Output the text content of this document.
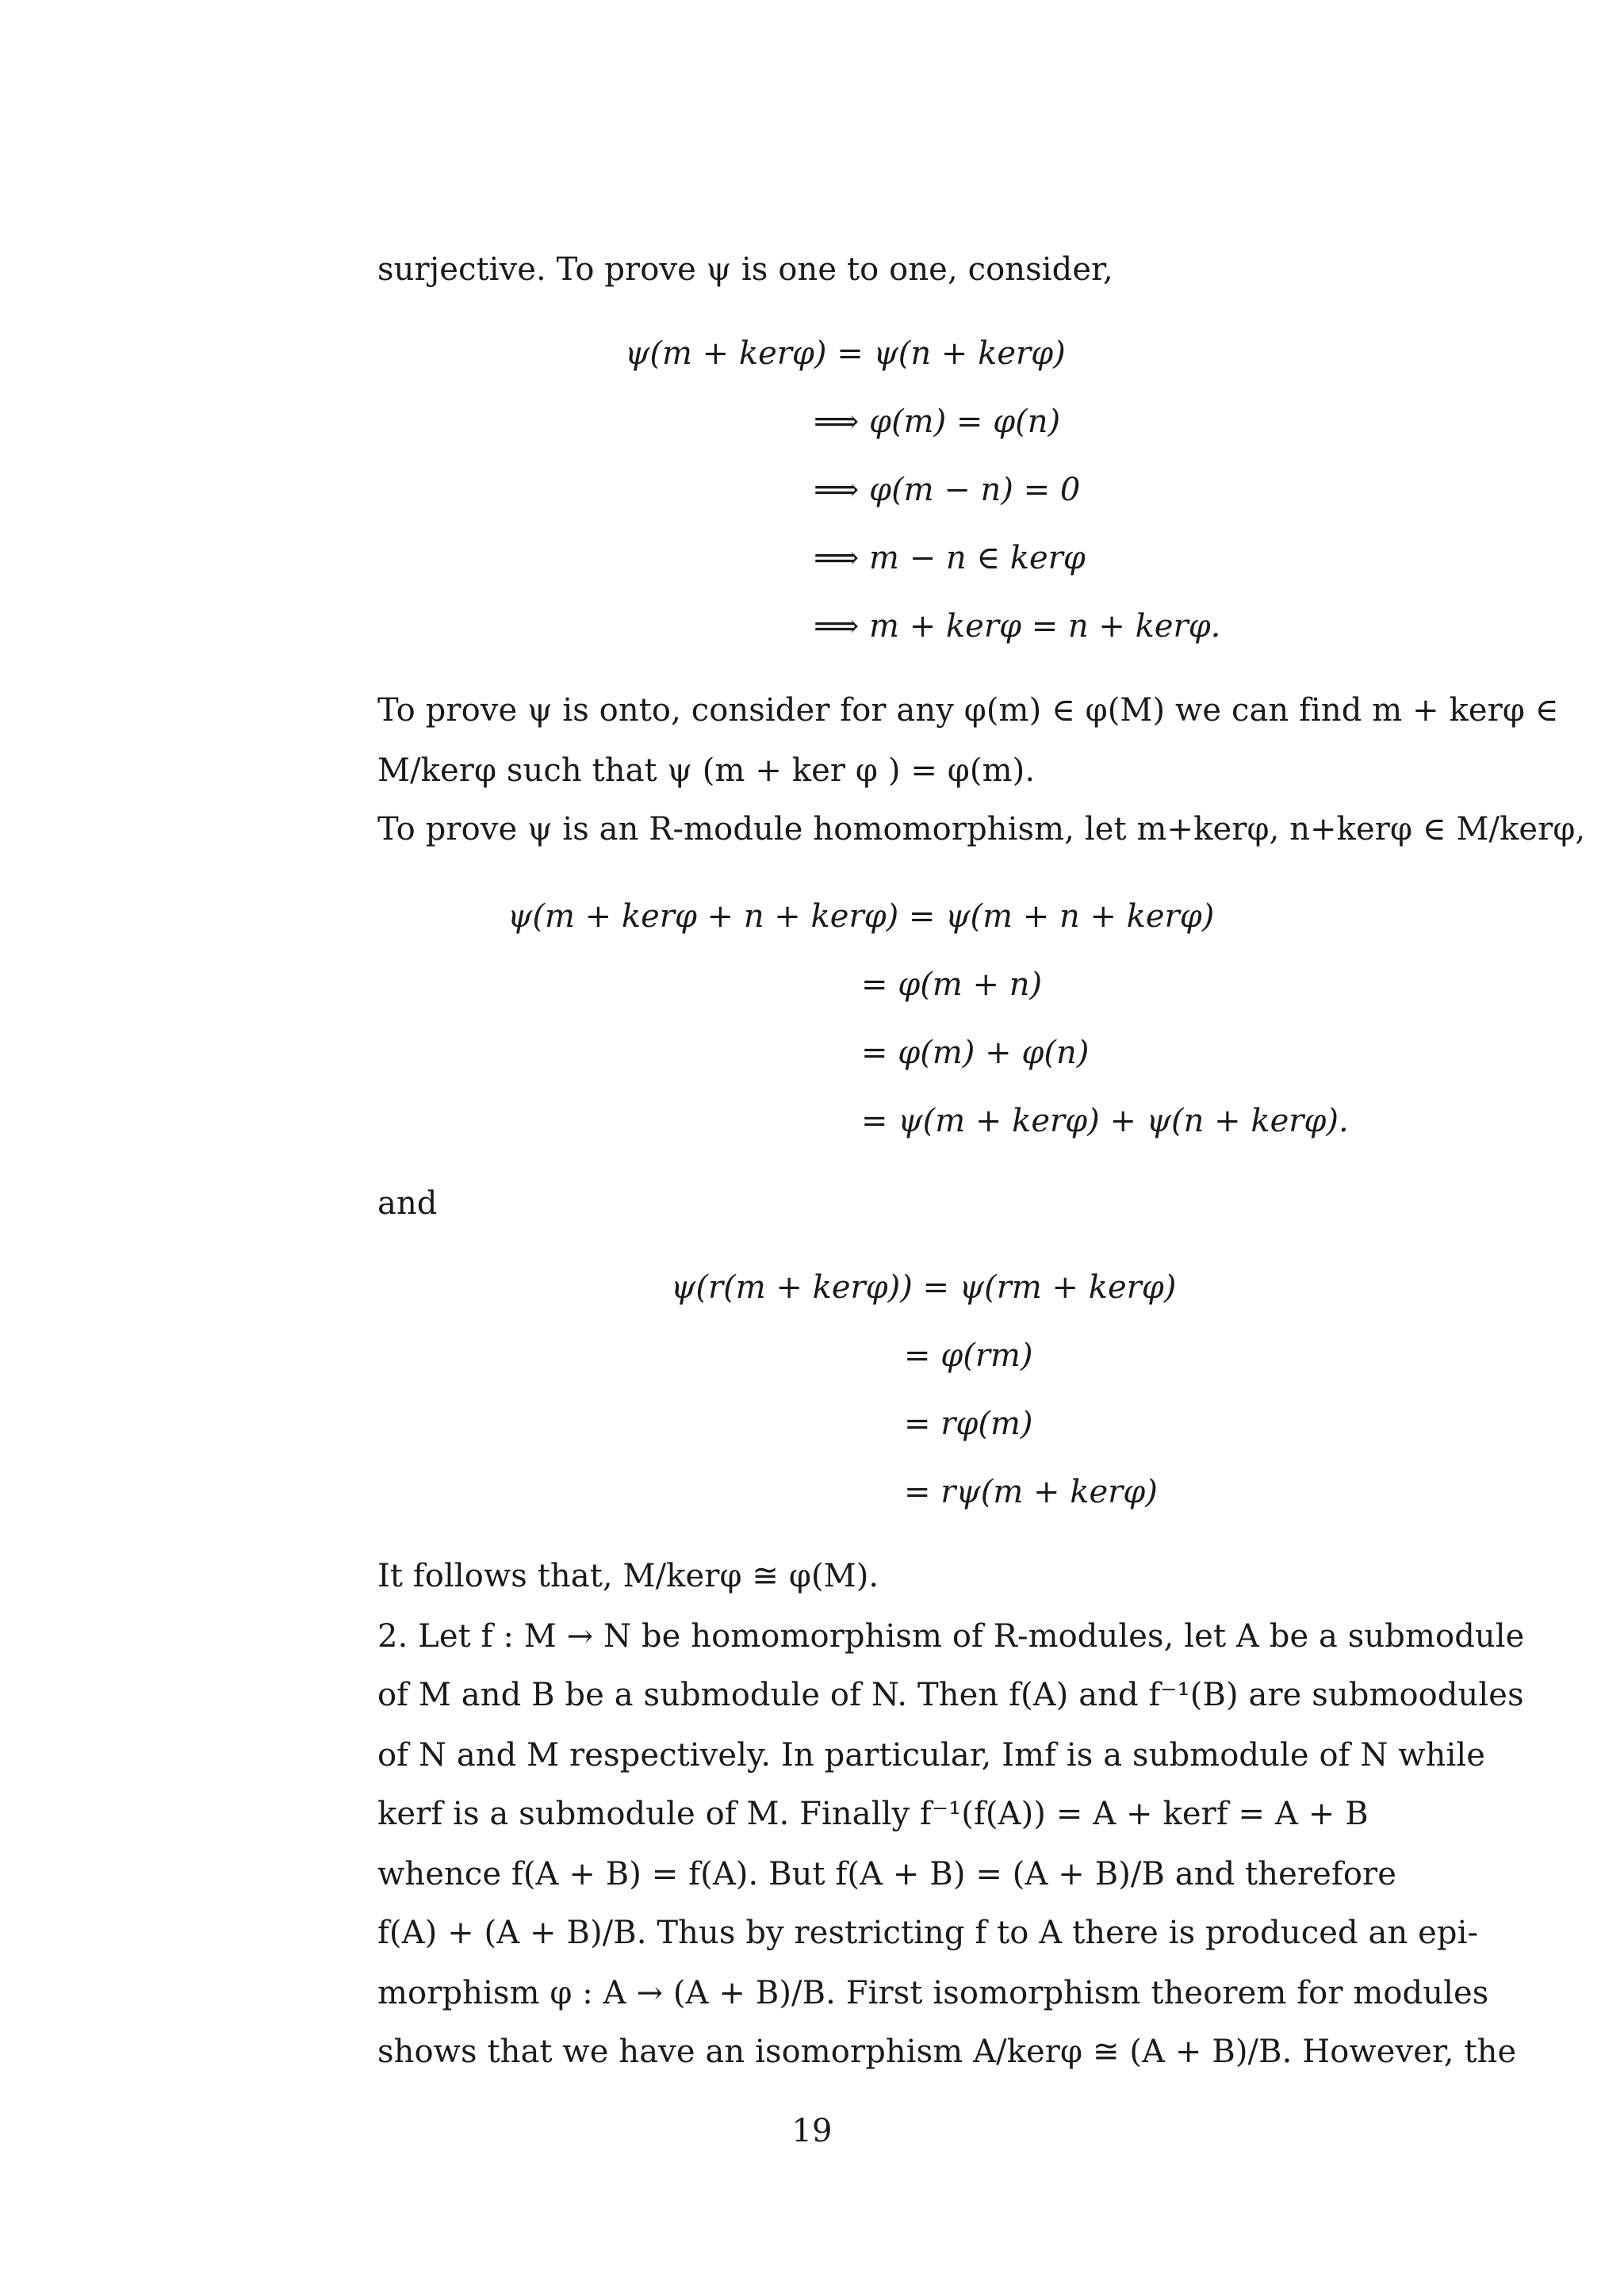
surjective. To prove ψ is one to one, consider,
ψ(m + kerφ) = ψ(n + kerφ)
⟹ φ(m) = φ(n)
⟹ φ(m − n) = 0
⟹ m − n ∈ kerφ
⟹ m + kerφ = n + kerφ.
To prove ψ is onto, consider for any φ(m) ∈ φ(M) we can find m + kerφ ∈
M/kerφ such that ψ (m + ker φ ) = φ(m).
To prove ψ is an R-module homomorphism, let m+kerφ, n+kerφ ∈ M/kerφ,
ψ(m + kerφ + n + kerφ) = ψ(m + n + kerφ)
= φ(m + n)
= φ(m) + φ(n)
= ψ(m + kerφ) + ψ(n + kerφ).
and
ψ(r(m + kerφ)) = ψ(rm + kerφ)
= φ(rm)
= rφ(m)
= rψ(m + kerφ)
It follows that, M/kerφ ≅ φ(M).
2. Let f : M → N be homomorphism of R-modules, let A be a submodule
of M and B be a submodule of N. Then f(A) and f⁻¹(B) are submoodules
of N and M respectively. In particular, Imf is a submodule of N while
kerf is a submodule of M. Finally f⁻¹(f(A)) = A + kerf = A + B
whence f(A + B) = f(A). But f(A + B) = (A + B)/B and therefore
f(A) + (A + B)/B. Thus by restricting f to A there is produced an epi-
morphism φ : A → (A + B)/B. First isomorphism theorem for modules
shows that we have an isomorphism A/kerφ ≅ (A + B)/B. However, the
19
